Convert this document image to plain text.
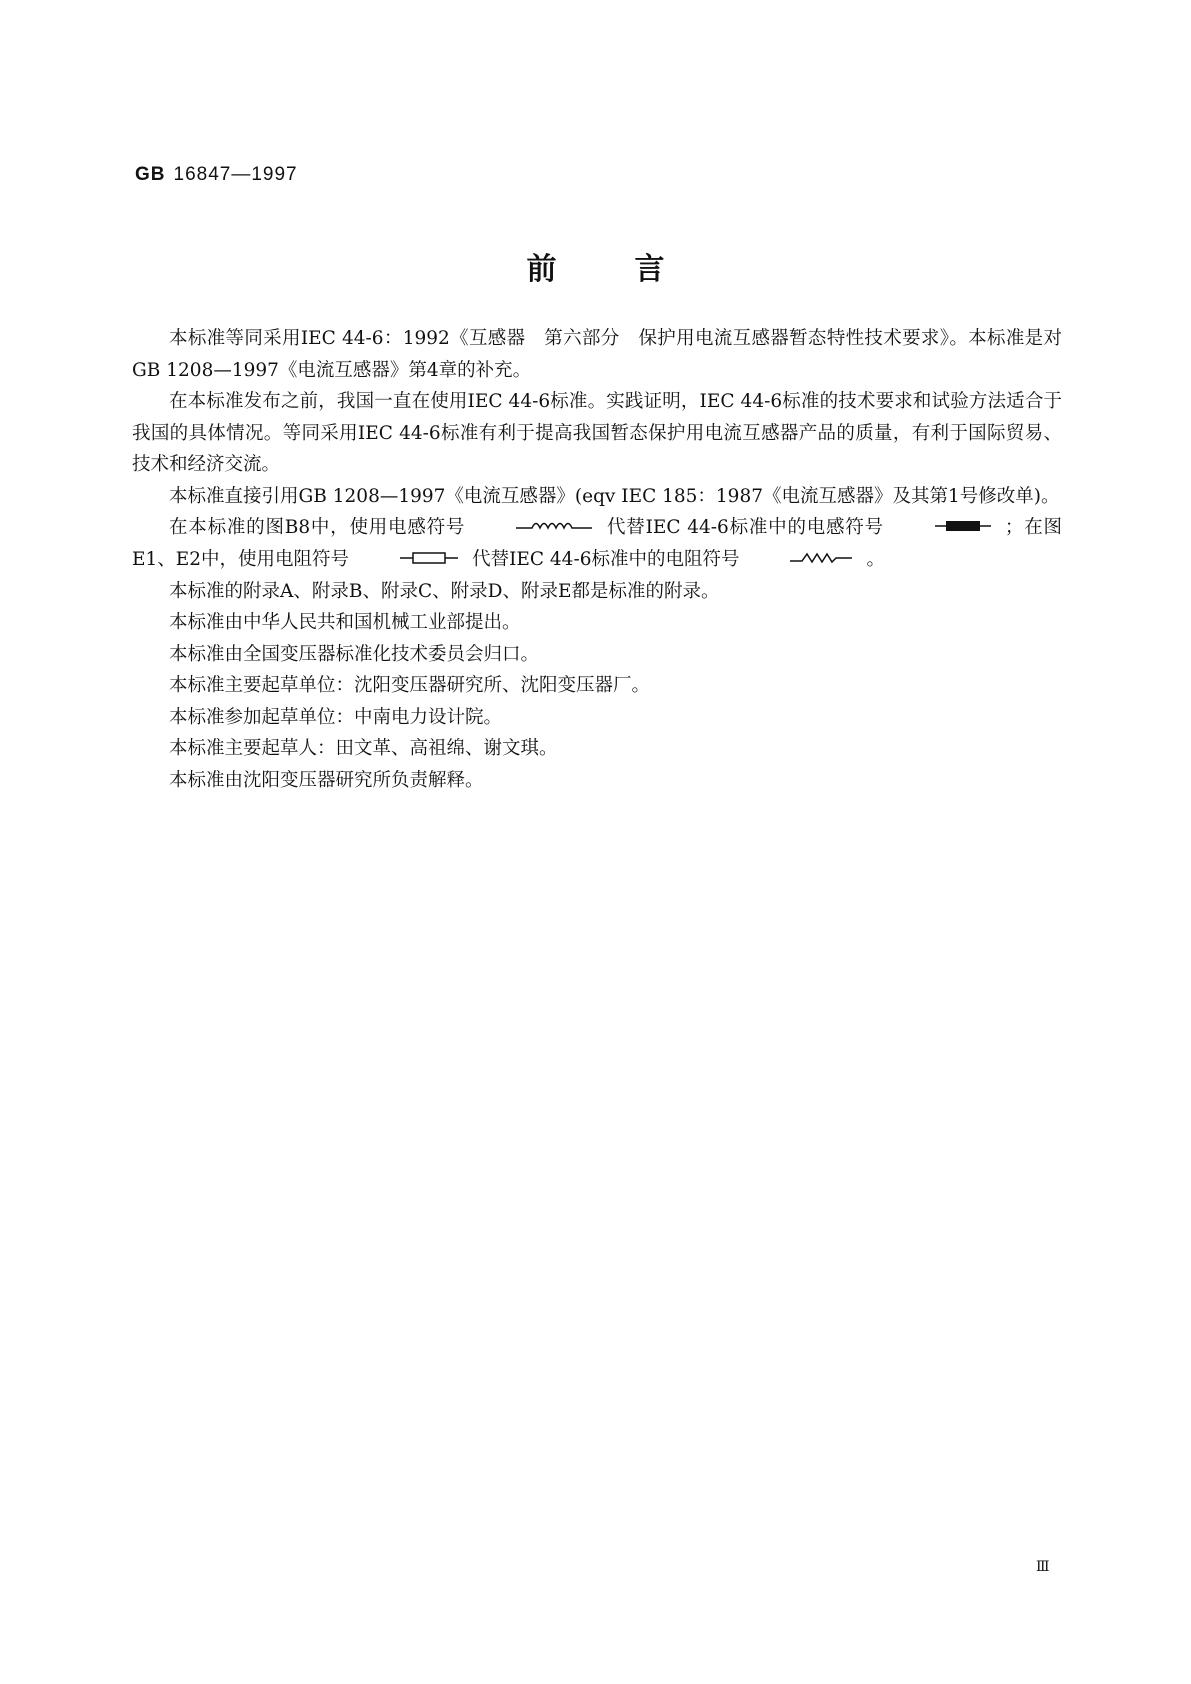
GB 16847—1997
前言

本标准等同采用IEC 44-6：1992《互感器　第六部分　保护用电流互感器暂态特性技术要求》。本标准是对GB 1208—1997《电流互感器》第4章的补充。

在本标准发布之前，我国一直在使用IEC 44-6标准。实践证明，IEC 44-6标准的技术要求和试验方法适合于我国的具体情况。等同采用IEC 44-6标准有利于提高我国暂态保护用电流互感器产品的质量，有利于国际贸易、技术和经济交流。

本标准直接引用GB 1208—1997《电流互感器》(eqv IEC 185：1987《电流互感器》及其第1号修改单)。

在本标准的图B8中，使用电感符号	代替IEC 44-6标准中的电感符号	；在图E1、E2中，使用电阻符号	代替IEC 44-6标准中的电阻符号	。

本标准的附录A、附录B、附录C、附录D、附录E都是标准的附录。

本标准由中华人民共和国机械工业部提出。

本标准由全国变压器标准化技术委员会归口。

本标准主要起草单位：沈阳变压器研究所、沈阳变压器厂。

本标准参加起草单位：中南电力设计院。

本标准主要起草人：田文革、高祖绵、谢文琪。

本标准由沈阳变压器研究所负责解释。

Ⅲ
